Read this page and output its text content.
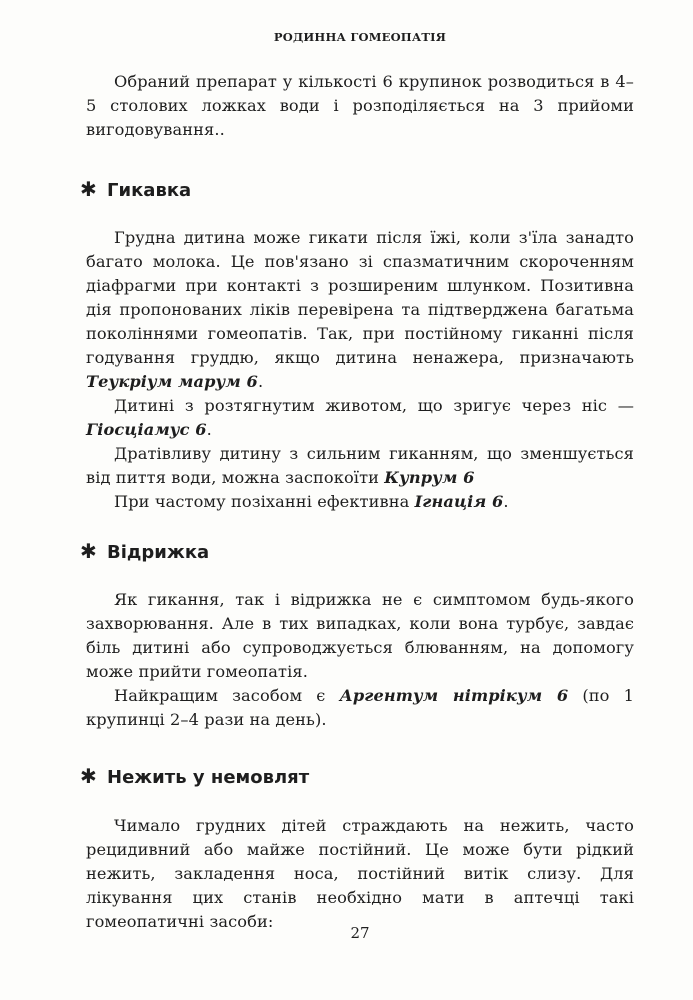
РОДИННА ГОМЕОПАТІЯ

Обраний препарат у кількості 6 крупинок розводиться в 4–5 столових ложках води і розподіляється на 3 прийоми вигодовування..

✱ Гикавка

Грудна дитина може гикати після їжі, коли з'їла занадто багато молока. Це пов'язано зі спазматичним скороченням діафрагми при контакті з розширеним шлунком. Позитивна дія пропонованих ліків перевірена та підтверджена багатьма поколіннями гомеопатів. Так, при постійному гиканні після годування груддю, якщо дитина ненажера, призначають Теукріум марум 6.

Дитині з розтягнутим животом, що зригує через ніс — Гіосціамус 6.

Дратівливу дитину з сильним гиканням, що зменшується від пиття води, можна заспокоїти Купрум 6

При частому позіханні ефективна Ігнація 6.

✱ Відрижка

Як гикання, так і відрижка не є симптомом будь-якого захворювання. Але в тих випадках, коли вона турбує, завдає біль дитині або супроводжується блюванням, на допомогу може прийти гомеопатія.

Найкращим засобом є Аргентум нітрікум 6 (по 1 крупинці 2–4 рази на день).

✱ Нежить у немовлят

Чимало грудних дітей страждають на нежить, часто рецидивний або майже постійний. Це може бути рідкий нежить, закладення носа, постійний витік слизу. Для лікування цих станів необхідно мати в аптечці такі гомеопатичні засоби:

27
